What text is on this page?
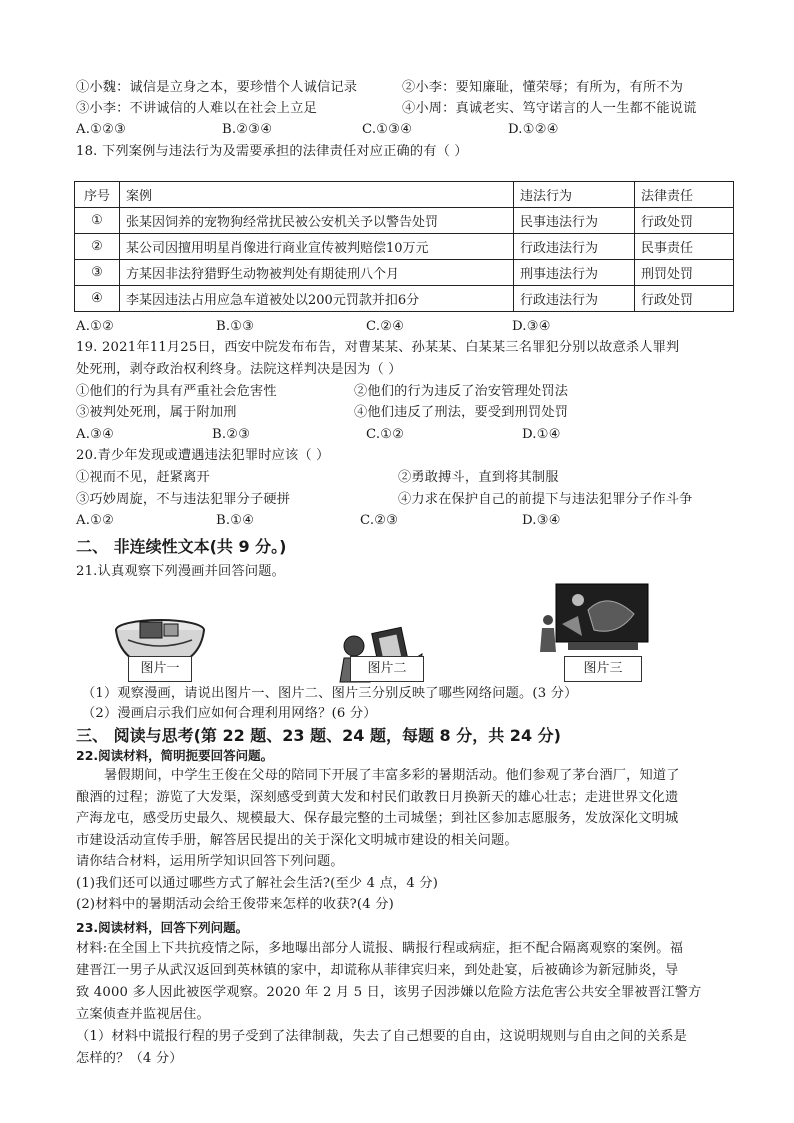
①小魏：诚信是立身之本，要珍惜个人诚信记录	②小李：要知廉耻，懂荣辱；有所为，有所不为
③小李：不讲诚信的人难以在社会上立足	④小周：真诚老实、笃守诺言的人一生都不能说谎
A.①②③	B.②③④	C.①③④	D.①②④
18. 下列案例与违法行为及需要承担的法律责任对应正确的有（ ）
序号	案例	违法行为	法律责任
①	张某因饲养的宠物狗经常扰民被公安机关予以警告处罚	民事违法行为	行政处罚
②	某公司因擅用明星肖像进行商业宣传被判赔偿10万元	行政违法行为	民事责任
③	方某因非法狩猎野生动物被判处有期徒刑八个月	刑事违法行为	刑罚处罚
④	李某因违法占用应急车道被处以200元罚款并扣6分	行政违法行为	行政处罚
A.①②	B.①③	C.②④	D.③④
19. 2021年11月25日，西安中院发布布告，对曹某某、孙某某、白某某三名罪犯分别以故意杀人罪判
处死刑，剥夺政治权利终身。法院这样判决是因为（ ）
①他们的行为具有严重社会危害性	②他们的行为违反了治安管理处罚法
③被判处死刑，属于附加刑	④他们违反了刑法，要受到刑罚处罚
A.③④	B.②③	C.①②	D.①④
20.青少年发现或遭遇违法犯罪时应该（ ）
①视而不见，赶紧离开	②勇敢搏斗，直到将其制服
③巧妙周旋，不与违法犯罪分子硬拼	④力求在保护自己的前提下与违法犯罪分子作斗争
A.①②	B.①④	C.②③	D.③④
二、 非连续性文本(共 9 分。)
21.认真观察下列漫画并回答问题。
图片一	图片二	图片三
（1）观察漫画，请说出图片一、图片二、图片三分别反映了哪些网络问题。(3 分）
（2）漫画启示我们应如何合理利用网络？(6 分）
三、 阅读与思考(第 22 题、23 题、24 题，每题 8 分，共 24 分)
22.阅读材料，简明扼要回答问题。
暑假期间，中学生王俊在父母的陪同下开展了丰富多彩的暑期活动。他们参观了茅台酒厂，知道了
酿酒的过程；游览了大发渠，深刻感受到黄大发和村民们敢教日月换新天的雄心壮志；走进世界文化遗
产海龙屯，感受历史最久、规模最大、保存最完整的土司城堡；到社区参加志愿服务，发放深化文明城
市建设活动宣传手册，解答居民提出的关于深化文明城市建设的相关问题。
请你结合材料，运用所学知识回答下列问题。
(1)我们还可以通过哪些方式了解社会生活?(至少 4 点，4 分)
(2)材料中的暑期活动会给王俊带来怎样的收获?(4 分)
23.阅读材料，回答下列问题。
材料:在全国上下共抗疫情之际，多地曝出部分人谎报、瞒报行程或病症，拒不配合隔离观察的案例。福
建晋江一男子从武汉返回到英林镇的家中，却谎称从菲律宾归来，到处赴宴，后被确诊为新冠肺炎，导
致 4000 多人因此被医学观察。2020 年 2 月 5 日，该男子因涉嫌以危险方法危害公共安全罪被晋江警方
立案侦查并监视居住。
（1）材料中谎报行程的男子受到了法律制裁，失去了自己想要的自由，这说明规则与自由之间的关系是
怎样的？（4 分）
